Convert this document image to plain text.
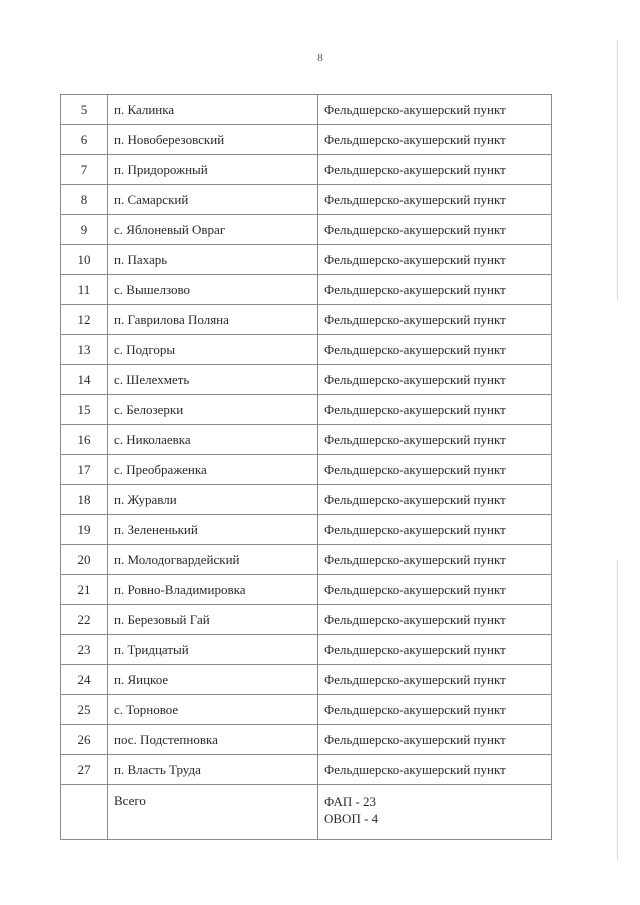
8
5	п. Калинка	Фельдшерско-акушерский пункт
6	п. Новоберезовский	Фельдшерско-акушерский пункт
7	п. Придорожный	Фельдшерско-акушерский пункт
8	п. Самарский	Фельдшерско-акушерский пункт
9	с. Яблоневый Овраг	Фельдшерско-акушерский пункт
10	п. Пахарь	Фельдшерско-акушерский пункт
11	с. Вышелзово	Фельдшерско-акушерский пункт
12	п. Гаврилова Поляна	Фельдшерско-акушерский пункт
13	с. Подгоры	Фельдшерско-акушерский пункт
14	с. Шелехметь	Фельдшерско-акушерский пункт
15	с. Белозерки	Фельдшерско-акушерский пункт
16	с. Николаевка	Фельдшерско-акушерский пункт
17	с. Преображенка	Фельдшерско-акушерский пункт
18	п. Журавли	Фельдшерско-акушерский пункт
19	п. Зелененький	Фельдшерско-акушерский пункт
20	п. Молодогвардейский	Фельдшерско-акушерский пункт
21	п. Ровно-Владимировка	Фельдшерско-акушерский пункт
22	п. Березовый Гай	Фельдшерско-акушерский пункт
23	п. Тридцатый	Фельдшерско-акушерский пункт
24	п. Яицкое	Фельдшерско-акушерский пункт
25	с. Торновое	Фельдшерско-акушерский пункт
26	пос. Подстепновка	Фельдшерско-акушерский пункт
27	п. Власть Труда	Фельдшерско-акушерский пункт
	Всего	ФАП - 23
ОВОП - 4
